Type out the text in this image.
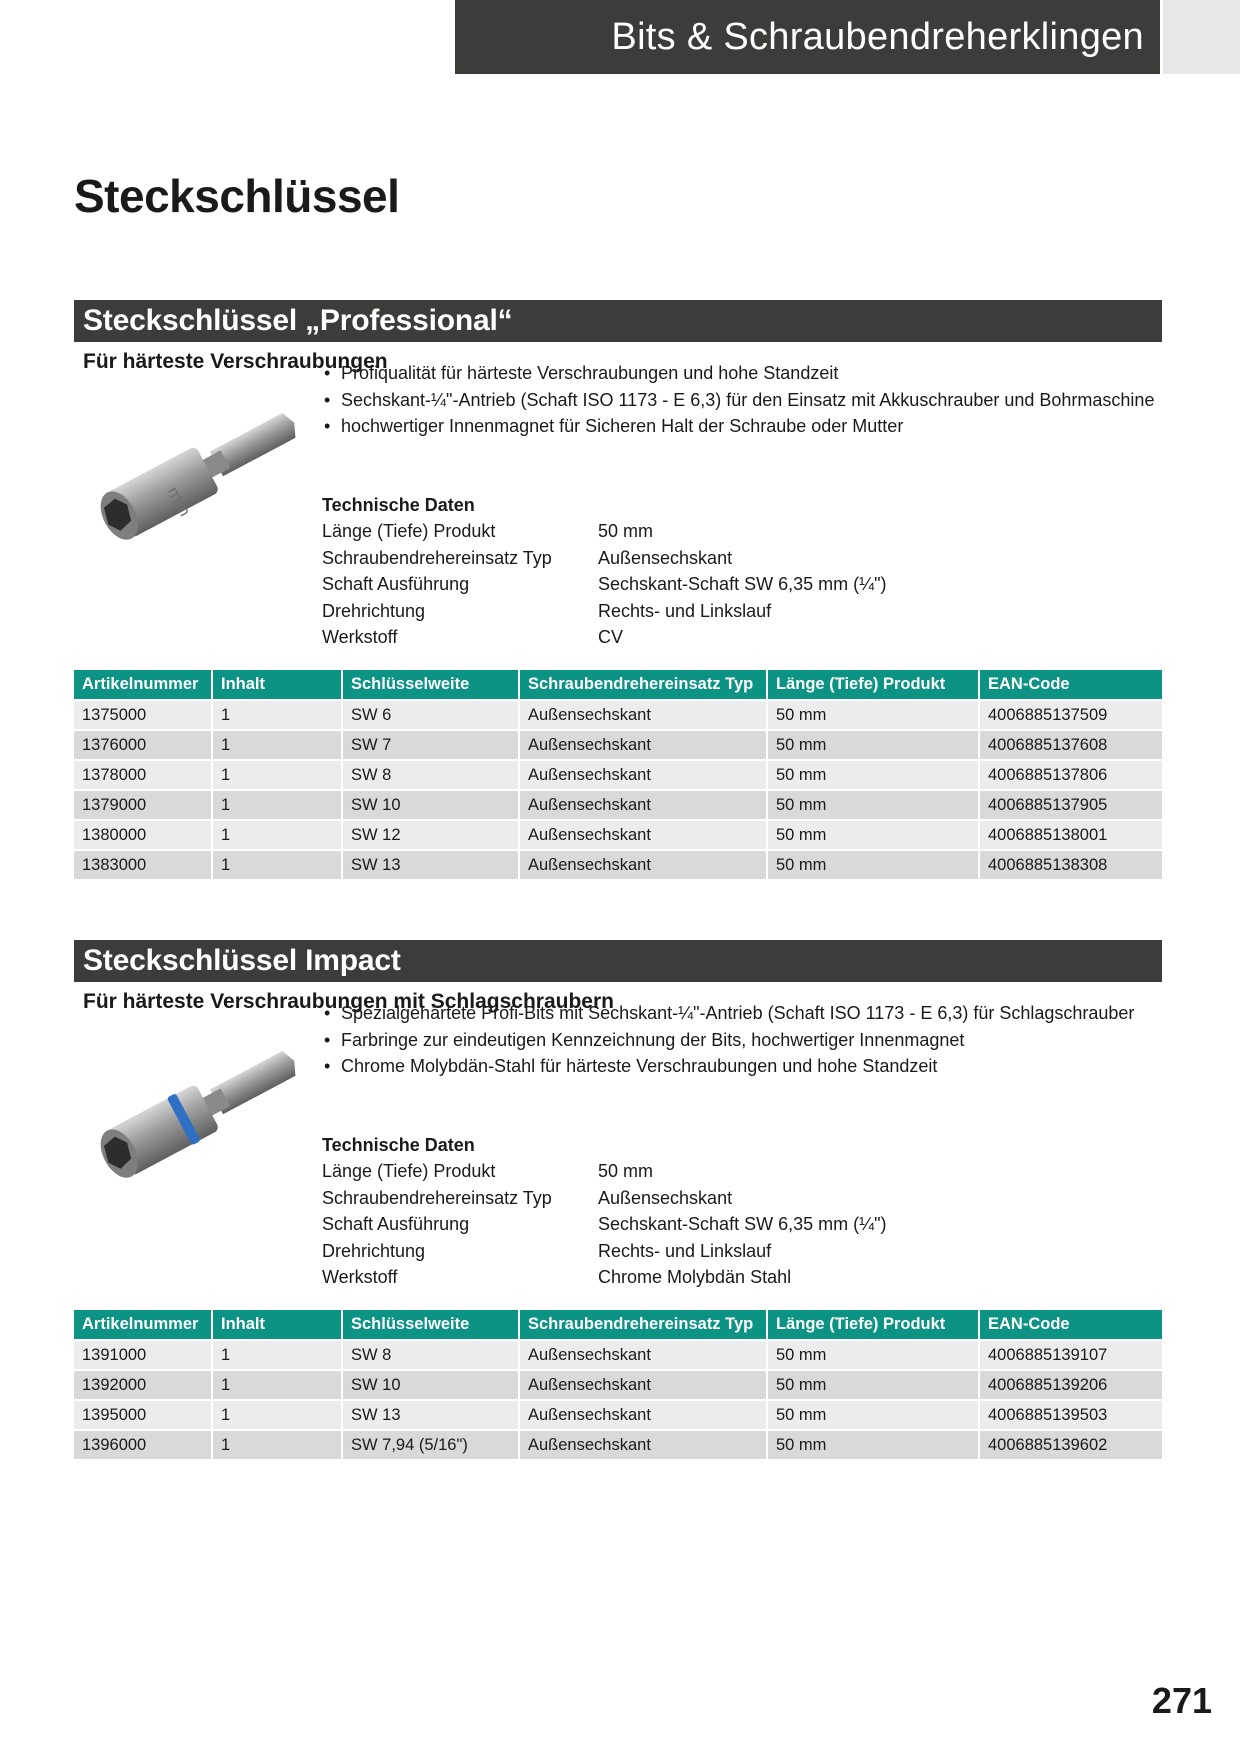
Bits & Schraubendreherklingen
Steckschlüssel
Steckschlüssel „Professional“
Für härteste Verschraubungen
mm
• Profiqualität für härteste Verschraubungen und hohe Standzeit
• Sechskant-¼"-Antrieb (Schaft ISO 1173 - E 6,3) für den Einsatz mit Akkuschrauber und Bohrmaschine
• hochwertiger Innenmagnet für Sicheren Halt der Schraube oder Mutter
Technische Daten
Länge (Tiefe) Produkt	50 mm
Schraubendrehereinsatz Typ	Außensechskant
Schaft Ausführung	Sechskant-Schaft SW 6,35 mm (¼")
Drehrichtung	Rechts- und Linkslauf
Werkstoff	CV
Artikelnummer	Inhalt	Schlüsselweite	Schraubendrehereinsatz Typ	Länge (Tiefe) Produkt	EAN-Code
1375000	1	SW 6	Außensechskant	50 mm	4006885137509
1376000	1	SW 7	Außensechskant	50 mm	4006885137608
1378000	1	SW 8	Außensechskant	50 mm	4006885137806
1379000	1	SW 10	Außensechskant	50 mm	4006885137905
1380000	1	SW 12	Außensechskant	50 mm	4006885138001
1383000	1	SW 13	Außensechskant	50 mm	4006885138308
Steckschlüssel Impact
Für härteste Verschraubungen mit Schlagschraubern
• Spezialgehärtete Profi-Bits mit Sechskant-¼"-Antrieb (Schaft ISO 1173 - E 6,3) für Schlagschrauber
• Farbringe zur eindeutigen Kennzeichnung der Bits, hochwertiger Innenmagnet
• Chrome Molybdän-Stahl für härteste Verschraubungen und hohe Standzeit
Technische Daten
Länge (Tiefe) Produkt	50 mm
Schraubendrehereinsatz Typ	Außensechskant
Schaft Ausführung	Sechskant-Schaft SW 6,35 mm (¼")
Drehrichtung	Rechts- und Linkslauf
Werkstoff	Chrome Molybdän Stahl
Artikelnummer	Inhalt	Schlüsselweite	Schraubendrehereinsatz Typ	Länge (Tiefe) Produkt	EAN-Code
1391000	1	SW 8	Außensechskant	50 mm	4006885139107
1392000	1	SW 10	Außensechskant	50 mm	4006885139206
1395000	1	SW 13	Außensechskant	50 mm	4006885139503
1396000	1	SW 7,94 (5/16")	Außensechskant	50 mm	4006885139602
271
